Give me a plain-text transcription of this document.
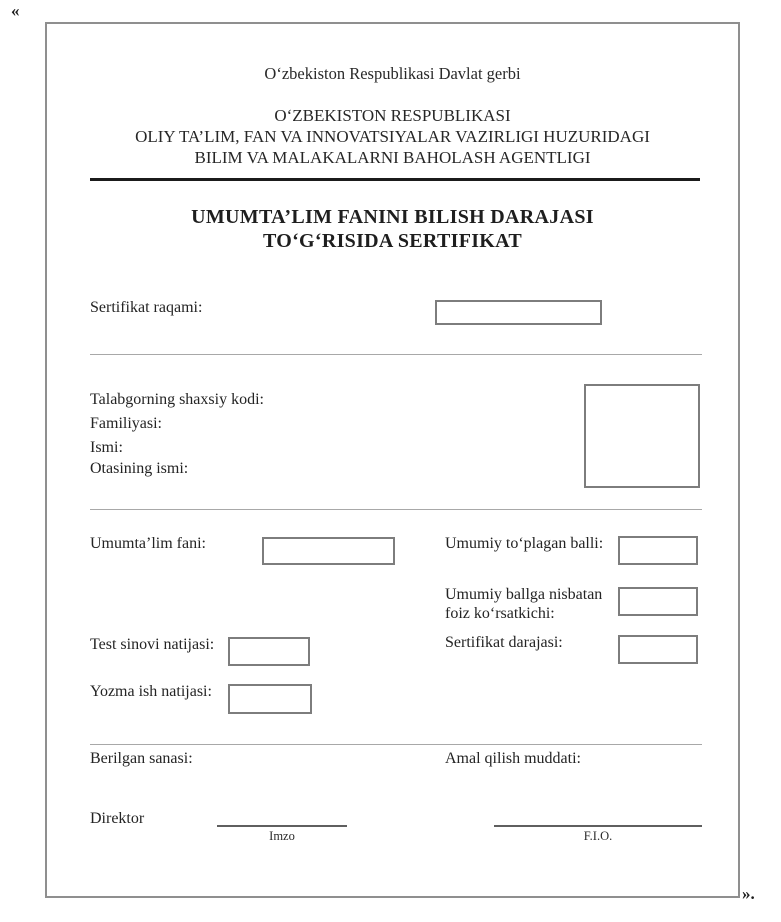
«
Oʻzbekiston Respublikasi Davlat gerbi
OʻZBEKISTON RESPUBLIKASI
OLIY TA’LIM, FAN VA INNOVATSIYALAR VAZIRLIGI HUZURIDAGI
BILIM VA MALAKALARNI BAHOLASH AGENTLIGI
UMUMTA’LIM FANINI BILISH DARAJASI
TOʻGʻRISIDA SERTIFIKAT
Sertifikat raqami:
Talabgorning shaxsiy kodi:
Familiyasi:
Ismi:
Otasining ismi:
Umumta’lim fani:	Umumiy toʻplagan balli:
Umumiy ballga nisbatan
foiz koʻrsatkichi:
Test sinovi natijasi:	Sertifikat darajasi:
Yozma ish natijasi:
Berilgan sanasi:	Amal qilish muddati:
Direktor
Imzo	F.I.O.
».
